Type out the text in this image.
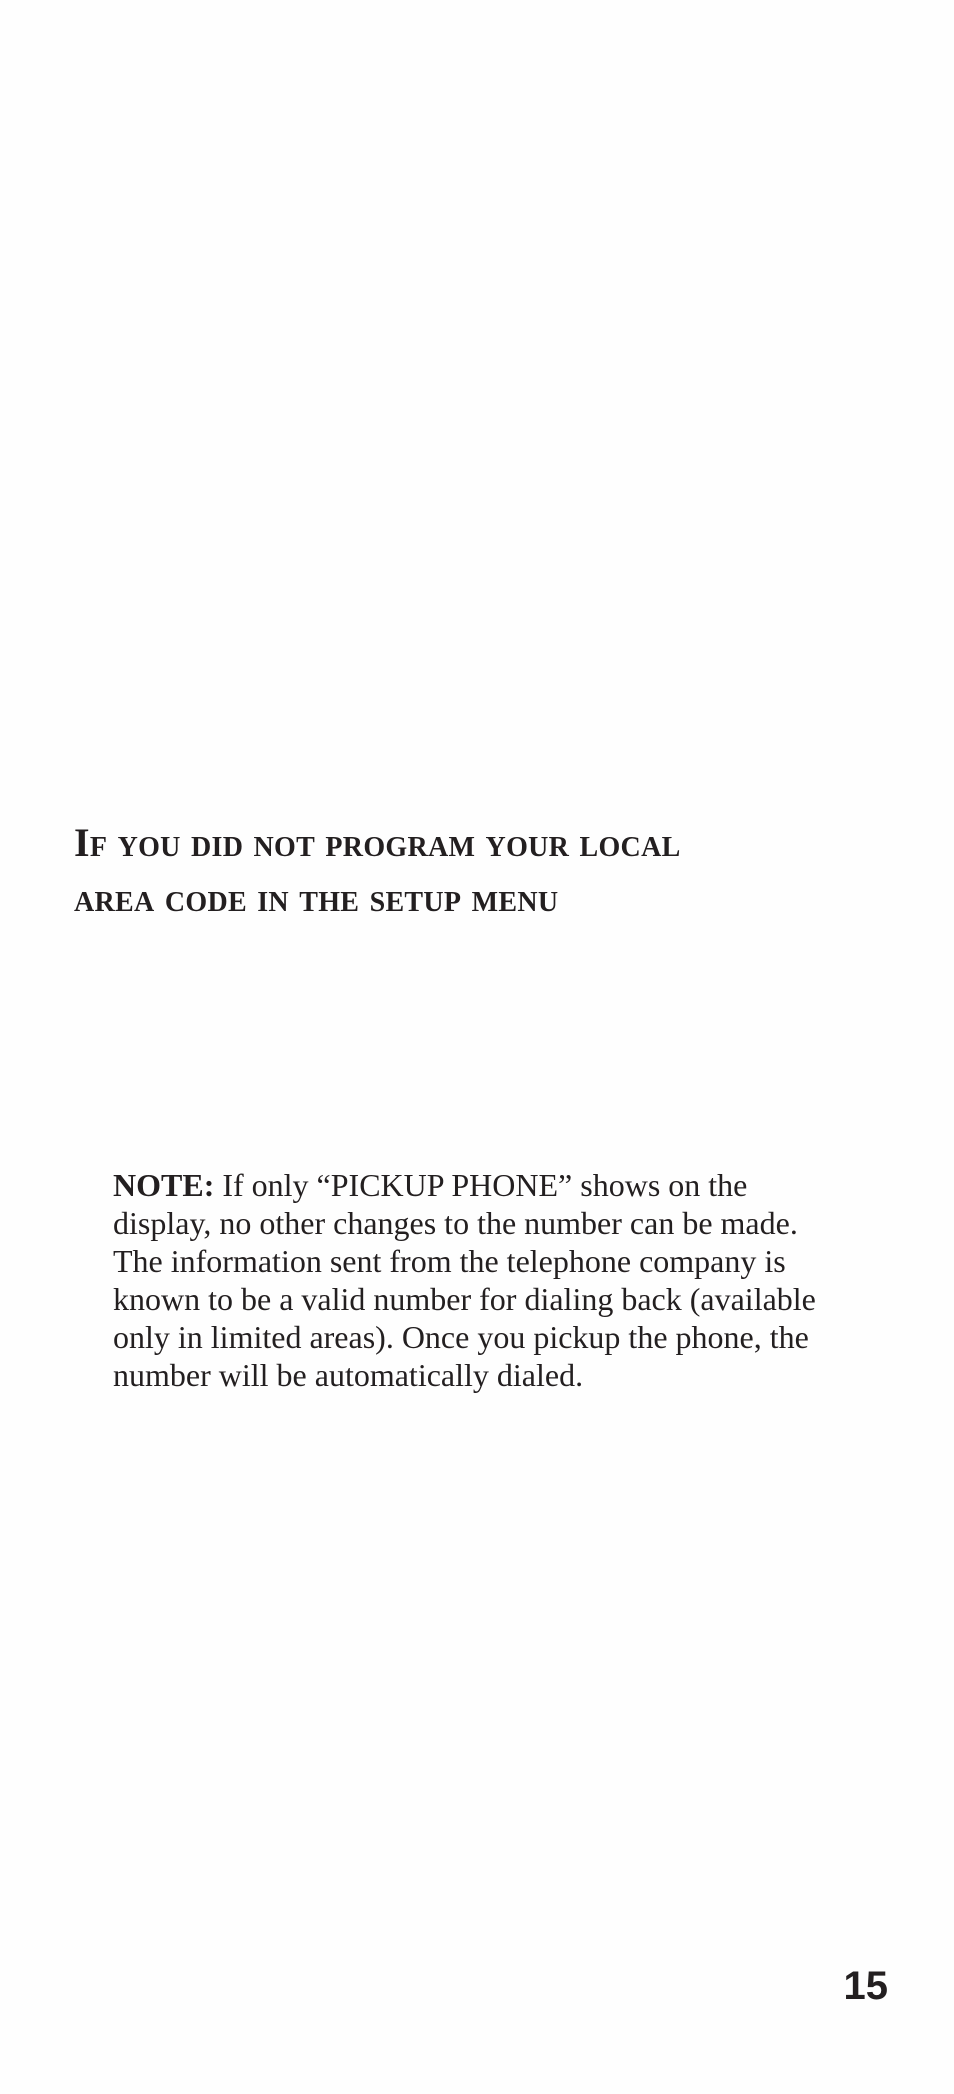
If you did not program your local
area code in the setup menu

NOTE: If only “PICKUP PHONE” shows on the display, no other changes to the number can be made. The information sent from the telephone company is known to be a valid number for dialing back (available only in limited areas). Once you pickup the phone, the number will be automatically dialed.

15
